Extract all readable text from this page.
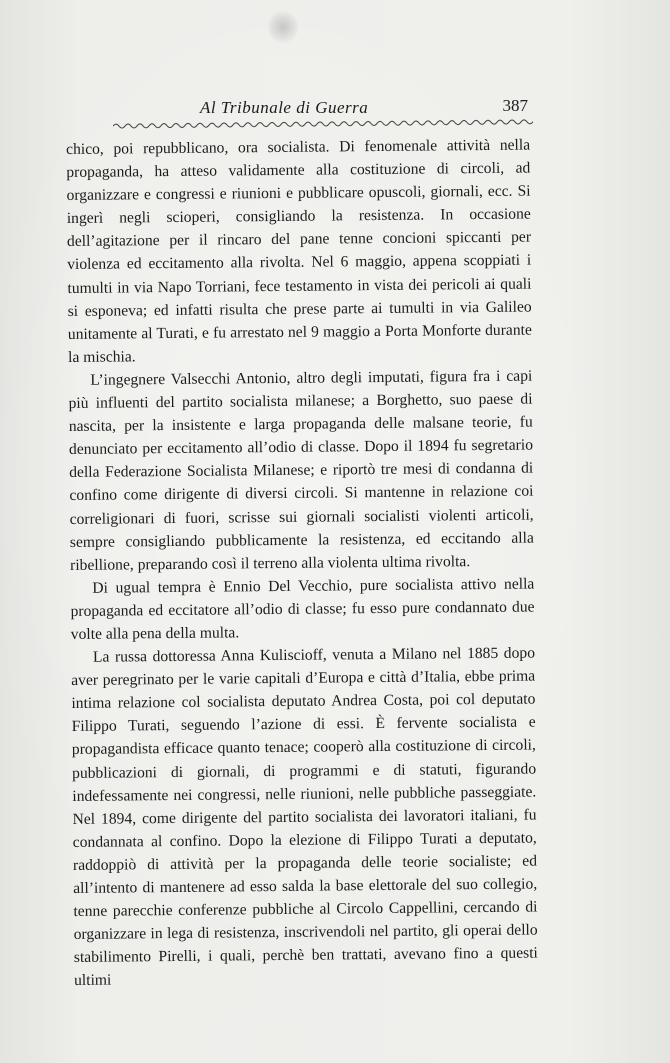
Al Tribunale di Guerra	387

chico, poi repubblicano, ora socialista. Di fenomenale attività nella propaganda, ha atteso validamente alla costituzione di circoli, ad organizzare e congressi e riunioni e pubblicare opuscoli, giornali, ecc. Si ingerì negli scioperi, consigliando la resistenza. In occasione dell’agitazione per il rincaro del pane tenne concioni spiccanti per violenza ed eccitamento alla rivolta. Nel 6 maggio, appena scoppiati i tumulti in via Napo Torriani, fece testamento in vista dei pericoli ai quali si esponeva; ed infatti risulta che prese parte ai tumulti in via Galileo unitamente al Turati, e fu arrestato nel 9 maggio a Porta Monforte durante la mischia.

L’ingegnere Valsecchi Antonio, altro degli imputati, figura fra i capi più influenti del partito socialista milanese; a Borghetto, suo paese di nascita, per la insistente e larga propaganda delle malsane teorie, fu denunciato per eccitamento all’odio di classe. Dopo il 1894 fu segretario della Federazione Socialista Milanese; e riportò tre mesi di condanna di confino come dirigente di diversi circoli. Si mantenne in relazione coi correligionari di fuori, scrisse sui giornali socialisti violenti articoli, sempre consigliando pubblicamente la resistenza, ed eccitando alla ribellione, preparando così il terreno alla violenta ultima rivolta.

Di ugual tempra è Ennio Del Vecchio, pure socialista attivo nella propaganda ed eccitatore all’odio di classe; fu esso pure condannato due volte alla pena della multa.

La russa dottoressa Anna Kuliscioff, venuta a Milano nel 1885 dopo aver peregrinato per le varie capitali d’Europa e città d’Italia, ebbe prima intima relazione col socialista deputato Andrea Costa, poi col deputato Filippo Turati, seguendo l’azione di essi. È fervente socialista e propagandista efficace quanto tenace; cooperò alla costituzione di circoli, pubblicazioni di giornali, di programmi e di statuti, figurando indefessamente nei congressi, nelle riunioni, nelle pubbliche passeggiate. Nel 1894, come dirigente del partito socialista dei lavoratori italiani, fu condannata al confino. Dopo la elezione di Filippo Turati a deputato, raddoppiò di attività per la propaganda delle teorie socialiste; ed all’intento di mantenere ad esso salda la base elettorale del suo collegio, tenne parecchie conferenze pubbliche al Circolo Cappellini, cercando di organizzare in lega di resistenza, inscrivendoli nel partito, gli operai dello stabilimento Pirelli, i quali, perchè ben trattati, avevano fino a questi ultimi
